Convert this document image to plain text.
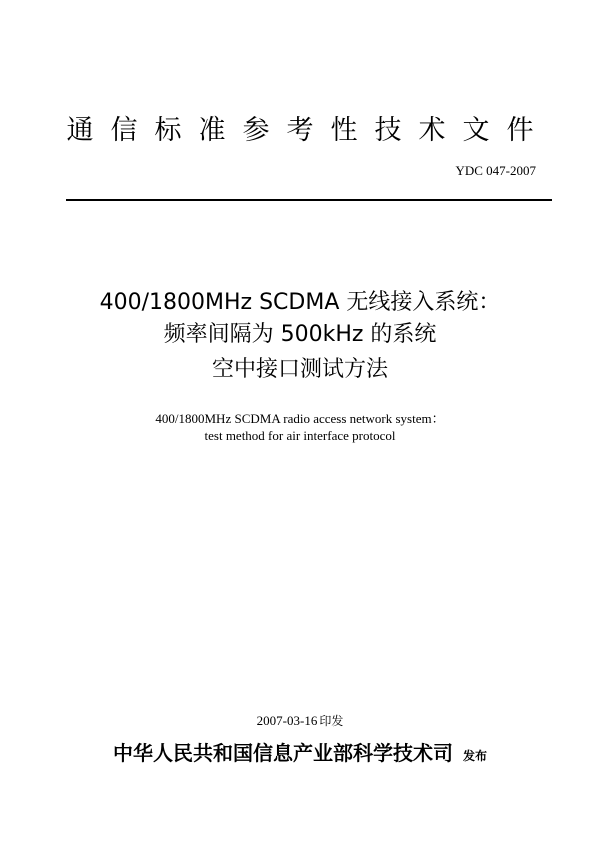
通信标准参考性技术文件
YDC 047-2007
400/1800MHz SCDMA 无线接入系统：
频率间隔为 500kHz 的系统
空中接口测试方法
400/1800MHz SCDMA radio access network system：
test method for air interface protocol
2007-03-16 印发
中华人民共和国信息产业部科学技术司 发布
